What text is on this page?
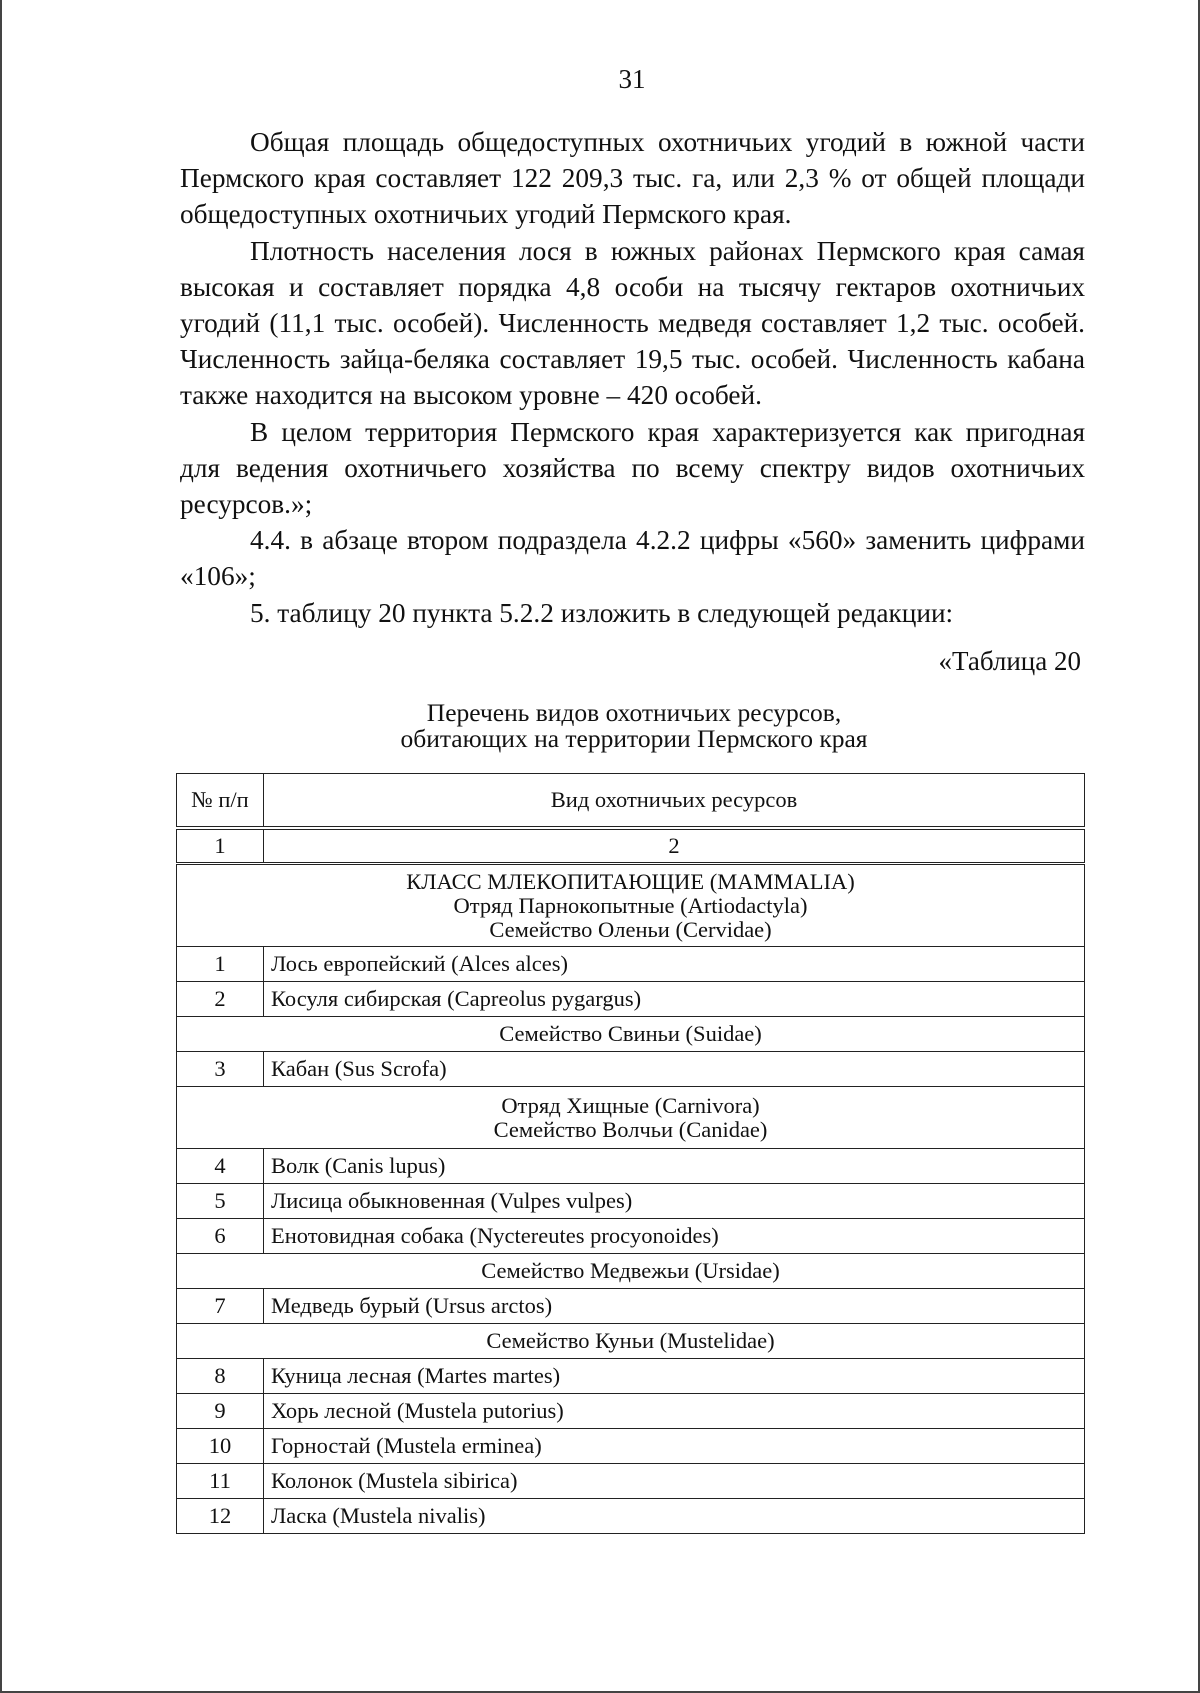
31

Общая площадь общедоступных охотничьих угодий в южной части Пермского края составляет 122 209,3 тыс. га, или 2,3 % от общей площади общедоступных охотничьих угодий Пермского края.

Плотность населения лося в южных районах Пермского края самая высокая и составляет порядка 4,8 особи на тысячу гектаров охотничьих угодий (11,1 тыс. особей). Численность медведя составляет 1,2 тыс. особей. Численность зайца-беляка составляет 19,5 тыс. особей. Численность кабана также находится на высоком уровне – 420 особей.

В целом территория Пермского края характеризуется как пригодная для ведения охотничьего хозяйства по всему спектру видов охотничьих ресурсов.»;

4.4. в абзаце втором подраздела 4.2.2 цифры «560» заменить цифрами «106»;

5. таблицу 20 пункта 5.2.2 изложить в следующей редакции:

«Таблица 20
Перечень видов охотничьих ресурсов,
обитающих на территории Пермского края
№ п/п	Вид охотничьих ресурсов
1	2

КЛАСС МЛЕКОПИТАЮЩИЕ (MAMMALIA)
Отряд Парнокопытные (Artiodactyla)
Семейство Оленьи (Cervidae)	

1	Лось европейский (Alces alces)
2	Косуля сибирская (Capreolus pygargus)

Семейство Свиньи (Suidae)	

3	Кабан (Sus Scrofa)

Отряд Хищные (Carnivora)
Семейство Волчьи (Canidae)	

4	Волк (Canis lupus)
5	Лисица обыкновенная (Vulpes vulpes)
6	Енотовидная собака (Nyctereutes procyonoides)

Семейство Медвежьи (Ursidae)	

7	Медведь бурый (Ursus arctos)

Семейство Куньи (Mustelidae)	

8	Куница лесная (Martes martes)
9	Хорь лесной (Mustela putorius)
10	Горностай (Mustela erminea)
11	Колонок (Mustela sibirica)
12	Ласка (Mustela nivalis)
